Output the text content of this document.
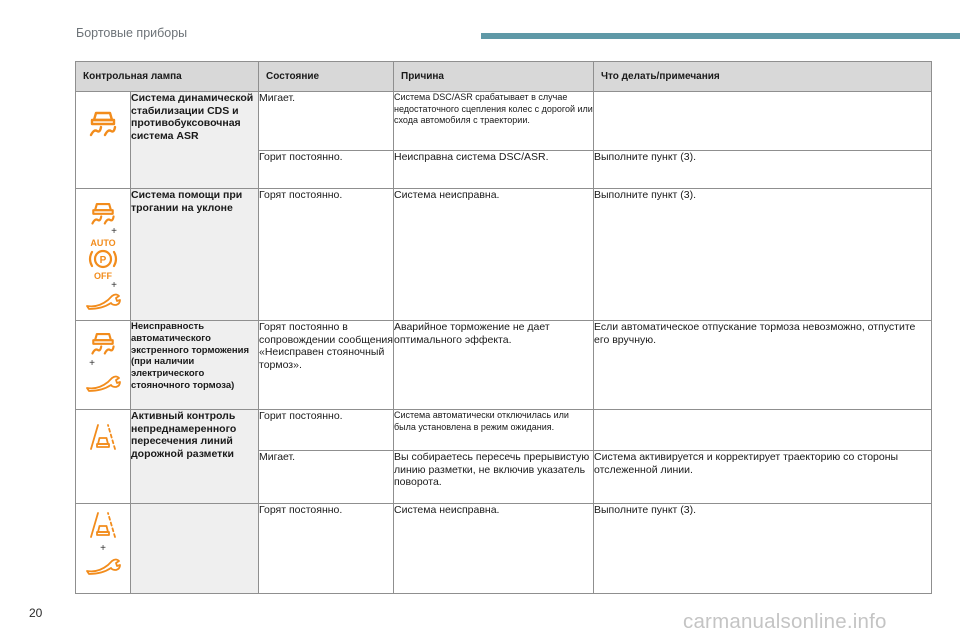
Бортовые приборы
Контрольная лампа		Состояние	Причина	Что делать/примечания

	Система динамической стабилизации CDS и противобуксовочная система ASR	Мигает.	Система DSC/ASR срабатывает в случае недостаточного сцепления колес с дорогой или схода автомобиля с траектории.	
		Горит постоянно.	Неисправна система DSC/ASR.	Выполните пункт (3).

+
AUTO
P
OFF
+	Система помощи при трогании на уклоне	Горят постоянно.	Система неисправна.	Выполните пункт (3).

+	Неисправность автоматического экстренного торможения (при наличии электрического стояночного тормоза)	Горят постоянно в сопровождении сообщения «Неисправен стояночный тормоз».	Аварийное торможение не дает оптимального эффекта.	Если автоматическое отпускание тормоза невозможно, отпустите его вручную.

	Активный контроль непреднамеренного пересечения линий дорожной разметки	Горит постоянно.	Система автоматически отключилась или была установлена в режим ожидания.	
		Мигает.	Вы собираетесь пересечь прерывистую линию разметки, не включив указатель поворота.	Система активируется и корректирует траекторию со стороны отслеженной линии.

+		Горят постоянно.	Система неисправна.	Выполните пункт (3).
20	carmanualsonline.info
